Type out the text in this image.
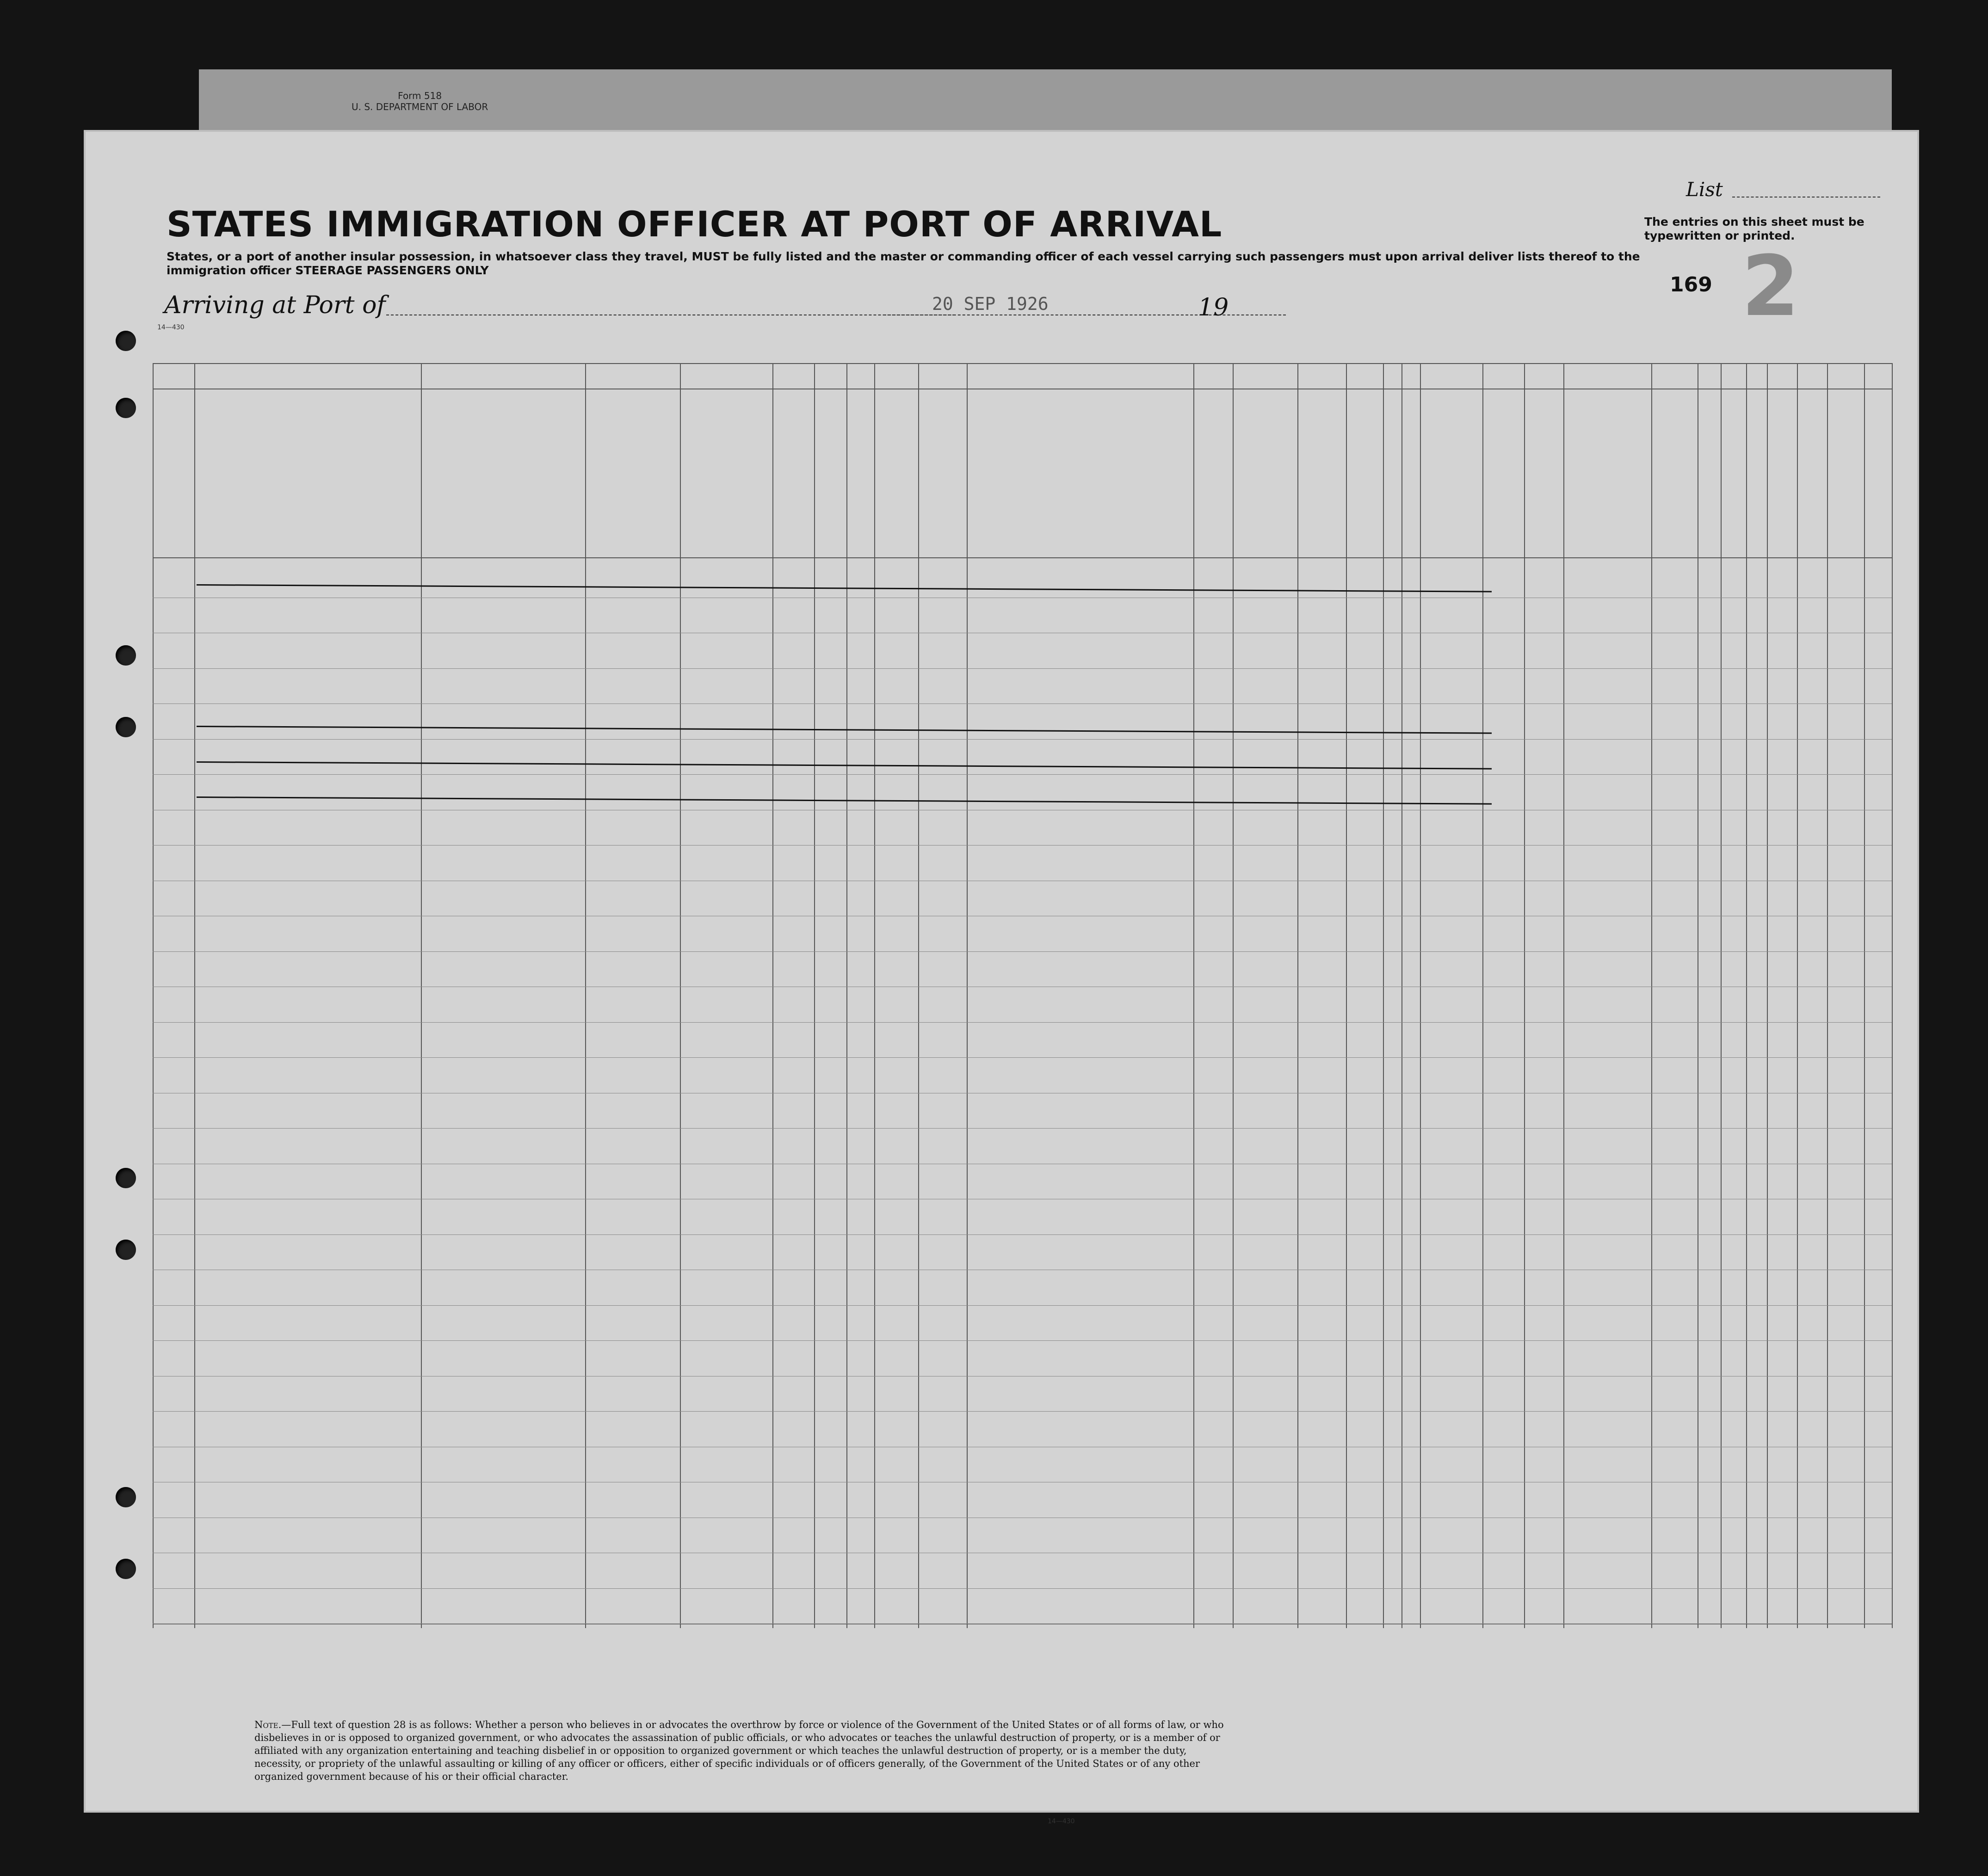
Form 518
U. S. DEPARTMENT OF LABOR
STATES IMMIGRATION OFFICER AT PORT OF ARRIVAL
States, or a port of another insular possession, in whatsoever class they travel, MUST be fully listed and the master or commanding officer of each vessel carrying such passengers must upon arrival deliver lists thereof to the immigration officer STEERAGE PASSENGERS ONLY
Arriving at Port of	20 SEP 1926	19
List
The entries on this sheet must be typewritten or printed.
169 2
14—430
Note.—Full text of question 28 is as follows: Whether a person who believes in or advocates the overthrow by force or violence of the Government of the United States or of all forms of law, or who disbelieves in or is opposed to organized government, or who advocates the assassination of public officials, or who advocates or teaches the unlawful destruction of property, or is a member of or affiliated with any organization entertaining and teaching disbelief in or opposition to organized government or which teaches the unlawful destruction of property, or is a member the duty, necessity, or propriety of the unlawful assaulting or killing of any officer or officers, either of specific individuals or of officers generally, of the Government of the United States or of any other organized government because of his or their official character.
14—430
